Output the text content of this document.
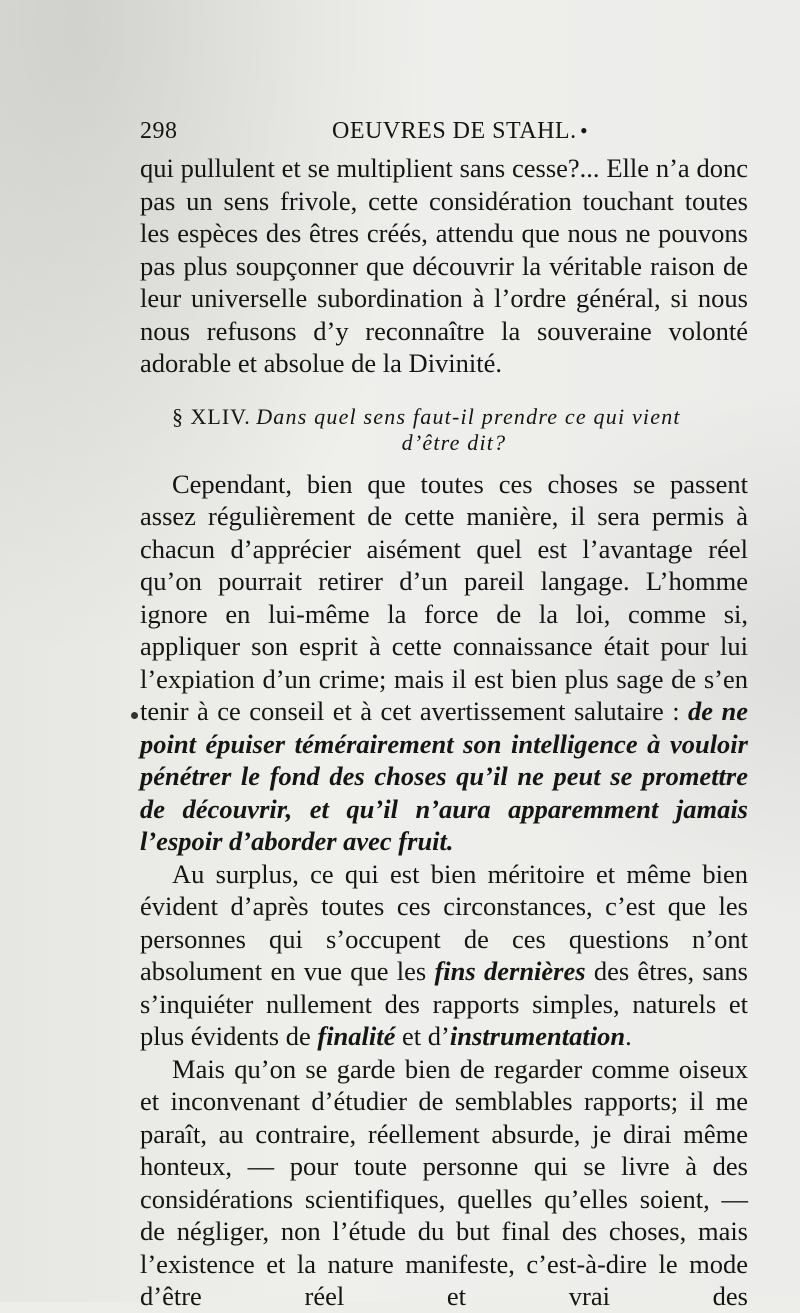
298	OEUVRES DE STAHL. •

qui pullulent et se multiplient sans cesse?... Elle n’a donc pas un sens frivole, cette considération touchant toutes les espèces des êtres créés, attendu que nous ne pouvons pas plus soupçonner que découvrir la véritable raison de leur universelle subordination à l’ordre général, si nous nous refusons d’y reconnaître la souveraine volonté adorable et absolue de la Divinité.

§ XLIV. Dans quel sens faut-il prendre ce qui vient
d’être dit?

Cependant, bien que toutes ces choses se passent assez régulièrement de cette manière, il sera permis à chacun d’apprécier aisément quel est l’avantage réel qu’on pourrait retirer d’un pareil langage. L’homme ignore en lui-même la force de la loi, comme si, appliquer son esprit à cette connaissance était pour lui l’expiation d’un crime; mais il est bien plus sage de s’en tenir à ce conseil et à cet avertissement salutaire : de ne point épuiser témérairement son intelligence à vouloir pénétrer le fond des choses qu’il ne peut se promettre de découvrir, et qu’il n’aura apparemment jamais l’espoir d’aborder avec fruit.

Au surplus, ce qui est bien méritoire et même bien évident d’après toutes ces circonstances, c’est que les personnes qui s’occupent de ces questions n’ont absolument en vue que les fins dernières des êtres, sans s’inquiéter nullement des rapports simples, naturels et plus évidents de finalité et d’instrumentation.

Mais qu’on se garde bien de regarder comme oiseux et inconvenant d’étudier de semblables rapports; il me paraît, au contraire, réellement absurde, je dirai même honteux, — pour toute personne qui se livre à des considérations scientifiques, quelles qu’elles soient, — de négliger, non l’étude du but final des choses, mais l’existence et la nature manifeste, c’est-à-dire le mode d’être réel et vrai des
